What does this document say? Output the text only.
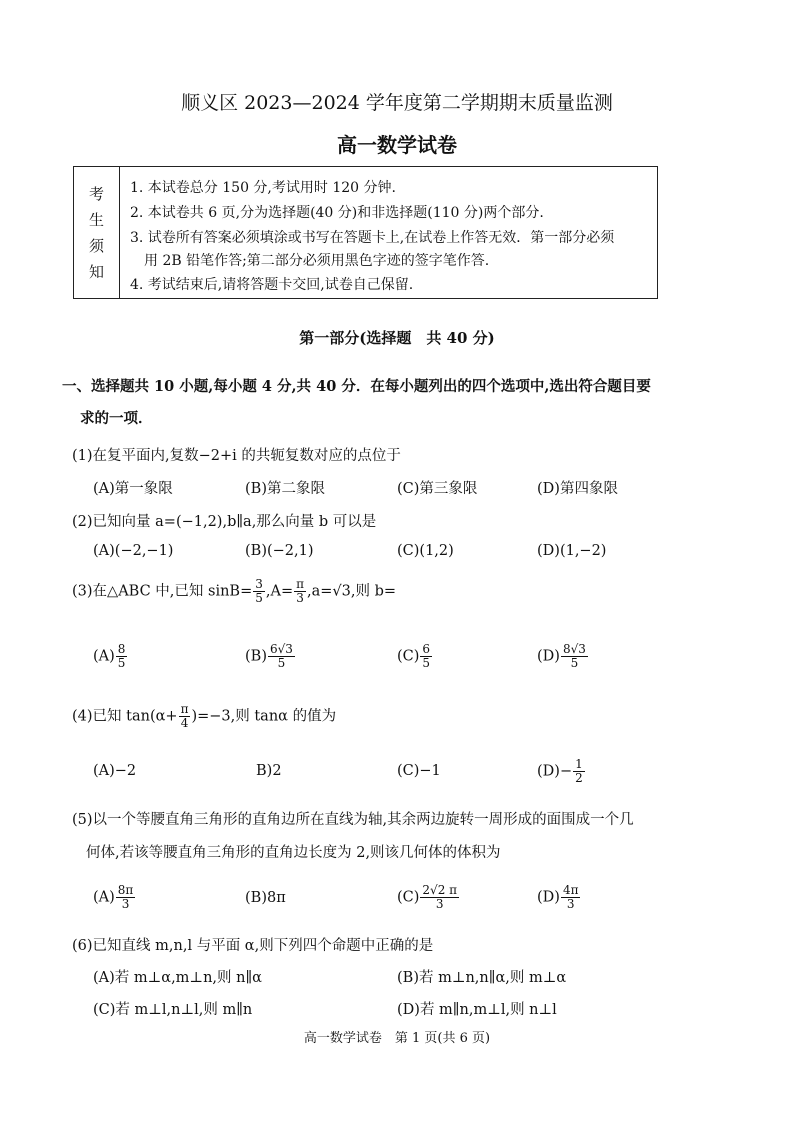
顺义区 2023—2024 学年度第二学期期末质量监测
高一数学试卷
考
生
须
知
1. 本试卷总分 150 分,考试用时 120 分钟.
2. 本试卷共 6 页,分为选择题(40 分)和非选择题(110 分)两个部分.
3. 试卷所有答案必须填涂或书写在答题卡上,在试卷上作答无效．第一部分必须
用 2B 铅笔作答;第二部分必须用黑色字迹的签字笔作答.
4. 考试结束后,请将答题卡交回,试卷自己保留.
第一部分(选择题　共 40 分)
一、选择题共 10 小题,每小题 4 分,共 40 分．在每小题列出的四个选项中,选出符合题目要
求的一项．
(1)在复平面内,复数−2+i 的共轭复数对应的点位于
(A)第一象限	(B)第二象限	(C)第三象限	(D)第四象限
(2)已知向量 a=(−1,2),b∥a,那么向量 b 可以是
(A)(−2,−1)	(B)(−2,1)	(C)(1,2)	(D)(1,−2)
(3)在△ABC 中,已知 $\sin B= \frac{3}{5} ,A= \frac{\pi}{3} ,a=√3$,则 b=
$(A) \frac{8}{5}$	$(B) \frac{6√3}{5}$	$(C) \frac{6}{5}$	$(D) \frac{8√3}{5}$
(4)已知 $\tan(\alpha+ \frac{\pi}{4} )=-3$,则 tanα 的值为
(A)−2	B)2	(C)−1	$(D)- \frac{1}{2}$
(5)以一个等腰直角三角形的直角边所在直线为轴,其余两边旋转一周形成的面围成一个几
何体,若该等腰直角三角形的直角边长度为 2,则该几何体的体积为
$(A) \frac{8\pi}{3}$	(B)8π	$(C) \frac{2√2 \pi}{3}$	$(D) \frac{4\pi}{3}$
(6)已知直线 m,n,l 与平面 α,则下列四个命题中正确的是
(A)若 m⊥α,m⊥n,则 n∥α	(B)若 m⊥n,n∥α,则 m⊥α
(C)若 m⊥l,n⊥l,则 m∥n	(D)若 m∥n,m⊥l,则 n⊥l
高一数学试卷　第 1 页(共 6 页)
